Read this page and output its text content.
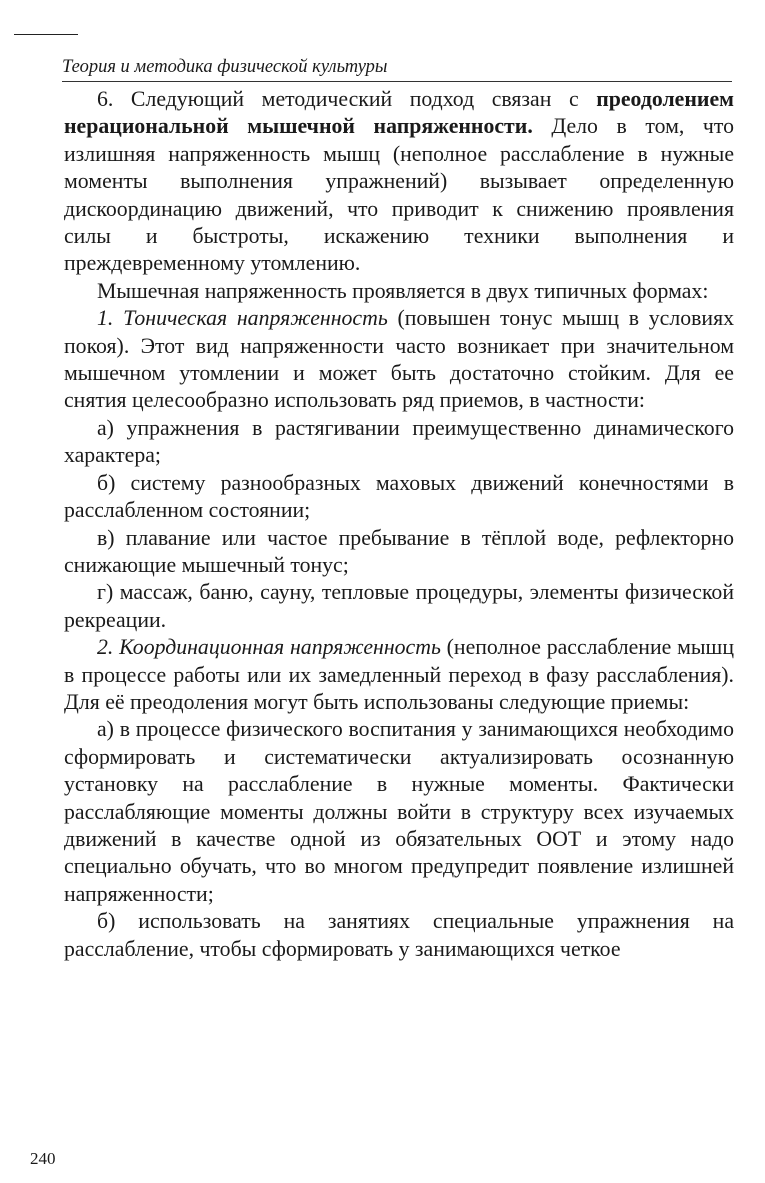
Теория и методика физической культуры

6. Следующий методический подход связан с преодолением нерациональной мышечной напряженности. Дело в том, что излишняя напряженность мышц (неполное расслабление в нужные моменты выполнения упражнений) вызывает определенную дискоординацию движений, что приводит к снижению проявления силы и быстроты, искажению техники выполнения и преждевременному утомлению.

Мышечная напряженность проявляется в двух типичных формах:

1. Тоническая напряженность (повышен тонус мышц в условиях покоя). Этот вид напряженности часто возникает при значительном мышечном утомлении и может быть достаточно стойким. Для ее снятия целесообразно использовать ряд приемов, в частности:

а) упражнения в растягивании преимущественно динамического характера;

б) систему разнообразных маховых движений конечностями в расслабленном состоянии;

в) плавание или частое пребывание в тёплой воде, рефлекторно снижающие мышечный тонус;

г) массаж, баню, сауну, тепловые процедуры, элементы физической рекреации.

2. Координационная напряженность (неполное расслабление мышц в процессе работы или их замедленный переход в фазу расслабления). Для её преодоления могут быть использованы следующие приемы:

а) в процессе физического воспитания у занимающихся необходимо сформировать и систематически актуализировать осознанную установку на расслабление в нужные моменты. Фактически расслабляющие моменты должны войти в структуру всех изучаемых движений в качестве одной из обязательных ООТ и этому надо специально обучать, что во многом предупредит появление излишней напряженности;

б) использовать на занятиях специальные упражнения на расслабление, чтобы сформировать у занимающихся четкое

240
